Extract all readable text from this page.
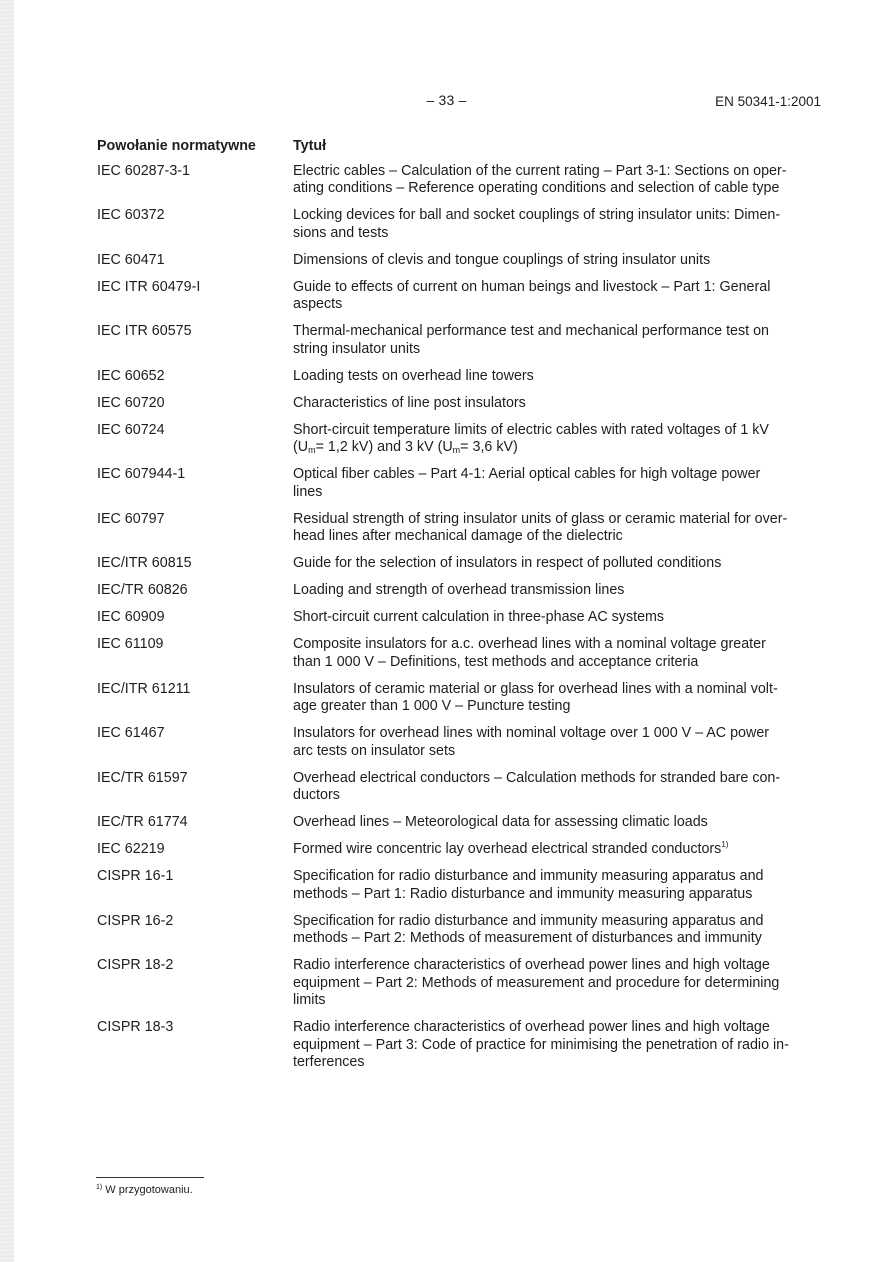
– 33 –	EN 50341-1:2001
Powołanie normatywne	Tytuł
IEC 60287-3-1	Electric cables – Calculation of the current rating – Part 3-1: Sections on oper-
ating conditions – Reference operating conditions and selection of cable type
IEC 60372	Locking devices for ball and socket couplings of string insulator units: Dimen-
sions and tests
IEC 60471	Dimensions of clevis and tongue couplings of string insulator units
IEC ITR 60479-I	Guide to effects of current on human beings and livestock – Part 1: General
aspects
IEC ITR 60575	Thermal-mechanical performance test and mechanical performance test on
string insulator units
IEC 60652	Loading tests on overhead line towers
IEC 60720	Characteristics of line post insulators
IEC 60724	Short-circuit temperature limits of electric cables with rated voltages of 1 kV
($U_m= 1,2$ kV) and 3 kV ($U_m= 3,6$ kV)
IEC 607944-1	Optical fiber cables – Part 4-1: Aerial optical cables for high voltage power
lines
IEC 60797	Residual strength of string insulator units of glass or ceramic material for over-
head lines after mechanical damage of the dielectric
IEC/ITR 60815	Guide for the selection of insulators in respect of polluted conditions
IEC/TR 60826	Loading and strength of overhead transmission lines
IEC 60909	Short-circuit current calculation in three-phase AC systems
IEC 61109	Composite insulators for a.c. overhead lines with a nominal voltage greater
than 1 000 V – Definitions, test methods and acceptance criteria
IEC/ITR 61211	Insulators of ceramic material or glass for overhead lines with a nominal volt-
age greater than 1 000 V – Puncture testing
IEC 61467	Insulators for overhead lines with nominal voltage over 1 000 V – AC power
arc tests on insulator sets
IEC/TR 61597	Overhead electrical conductors – Calculation methods for stranded bare con-
ductors
IEC/TR 61774	Overhead lines – Meteorological data for assessing climatic loads
IEC 62219	Formed wire concentric lay overhead electrical stranded conductors$^{1)}$
CISPR 16-1	Specification for radio disturbance and immunity measuring apparatus and
methods – Part 1: Radio disturbance and immunity measuring apparatus
CISPR 16-2	Specification for radio disturbance and immunity measuring apparatus and
methods – Part 2: Methods of measurement of disturbances and immunity
CISPR 18-2	Radio interference characteristics of overhead power lines and high voltage
equipment – Part 2: Methods of measurement and procedure for determining
limits
CISPR 18-3	Radio interference characteristics of overhead power lines and high voltage
equipment – Part 3: Code of practice for minimising the penetration of radio in-
terferences
$^{1)}$ W przygotowaniu.
